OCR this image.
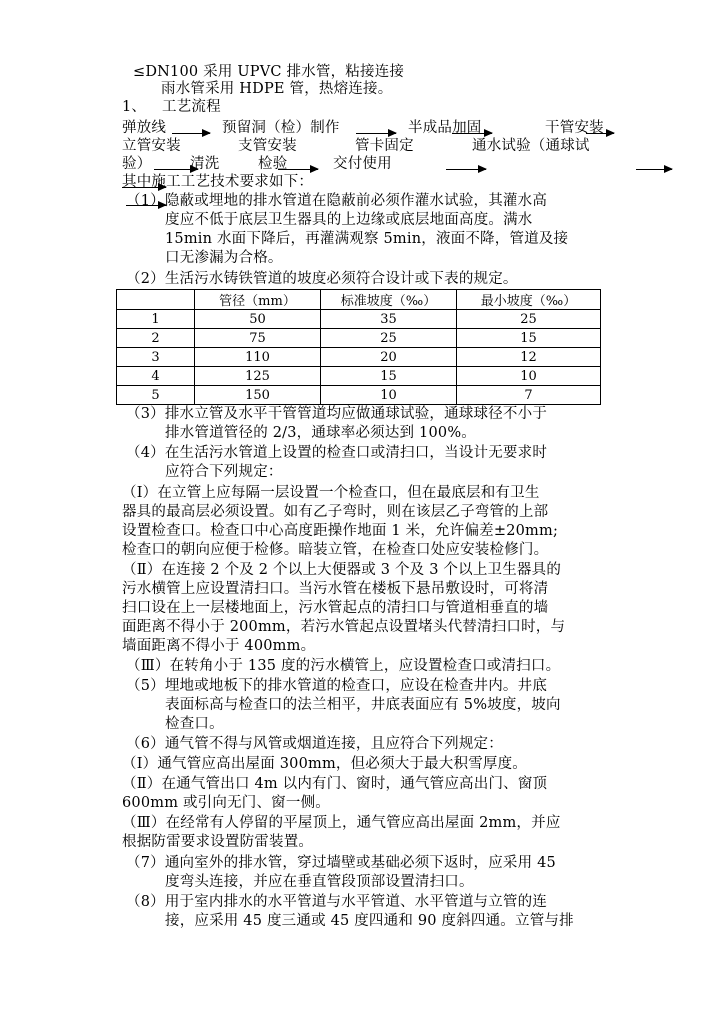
≤DN100 采用 UPVC 排水管，粘接连接
雨水管采用 HDPE 管，热熔连接。
1、 工艺流程
弹放线	预留洞（检）制作	半成品加固	干管安装
立管安装	支管安装	管卡固定	通水试验（通球试
验）	清洗	检验	交付使用
其中施工工艺技术要求如下：
（1）隐蔽或埋地的排水管道在隐蔽前必须作灌水试验，其灌水高
度应不低于底层卫生器具的上边缘或底层地面高度。满水
15min 水面下降后，再灌满观察 5min，液面不降，管道及接
口无渗漏为合格。
（2）生活污水铸铁管道的坡度必须符合设计或下表的规定。
	管径（mm）	标准坡度（‰）	最小坡度（‰）
1	50	35	25
2	75	25	15
3	110	20	12
4	125	15	10
5	150	10	7
（3）排水立管及水平干管管道均应做通球试验，通球球径不小于
排水管道管径的 2/3，通球率必须达到 100%。
（4）在生活污水管道上设置的检查口或清扫口，当设计无要求时
应符合下列规定：
（Ⅰ）在立管上应每隔一层设置一个检查口，但在最底层和有卫生
器具的最高层必须设置。如有乙子弯时，则在该层乙子弯管的上部
设置检查口。检查口中心高度距操作地面 1 米，允许偏差±20mm;
检查口的朝向应便于检修。暗装立管，在检查口处应安装检修门。
（Ⅱ）在连接 2 个及 2 个以上大便器或 3 个及 3 个以上卫生器具的
污水横管上应设置清扫口。当污水管在楼板下悬吊敷设时，可将清
扫口设在上一层楼地面上，污水管起点的清扫口与管道相垂直的墙
面距离不得小于 200mm，若污水管起点设置堵头代替清扫口时，与
墙面距离不得小于 400mm。
（Ⅲ）在转角小于 135 度的污水横管上，应设置检查口或清扫口。
（5）埋地或地板下的排水管道的检查口，应设在检查井内。井底
表面标高与检查口的法兰相平，井底表面应有 5%坡度，坡向
检查口。
（6）通气管不得与风管或烟道连接，且应符合下列规定：
（Ⅰ）通气管应高出屋面 300mm，但必须大于最大积雪厚度。
（Ⅱ）在通气管出口 4m 以内有门、窗时，通气管应高出门、窗顶
600mm 或引向无门、窗一侧。
（Ⅲ）在经常有人停留的平屋顶上，通气管应高出屋面 2mm，并应
根据防雷要求设置防雷装置。
（7）通向室外的排水管，穿过墙壁或基础必须下返时，应采用 45
度弯头连接，并应在垂直管段顶部设置清扫口。
（8）用于室内排水的水平管道与水平管道、水平管道与立管的连
接，应采用 45 度三通或 45 度四通和 90 度斜四通。立管与排
